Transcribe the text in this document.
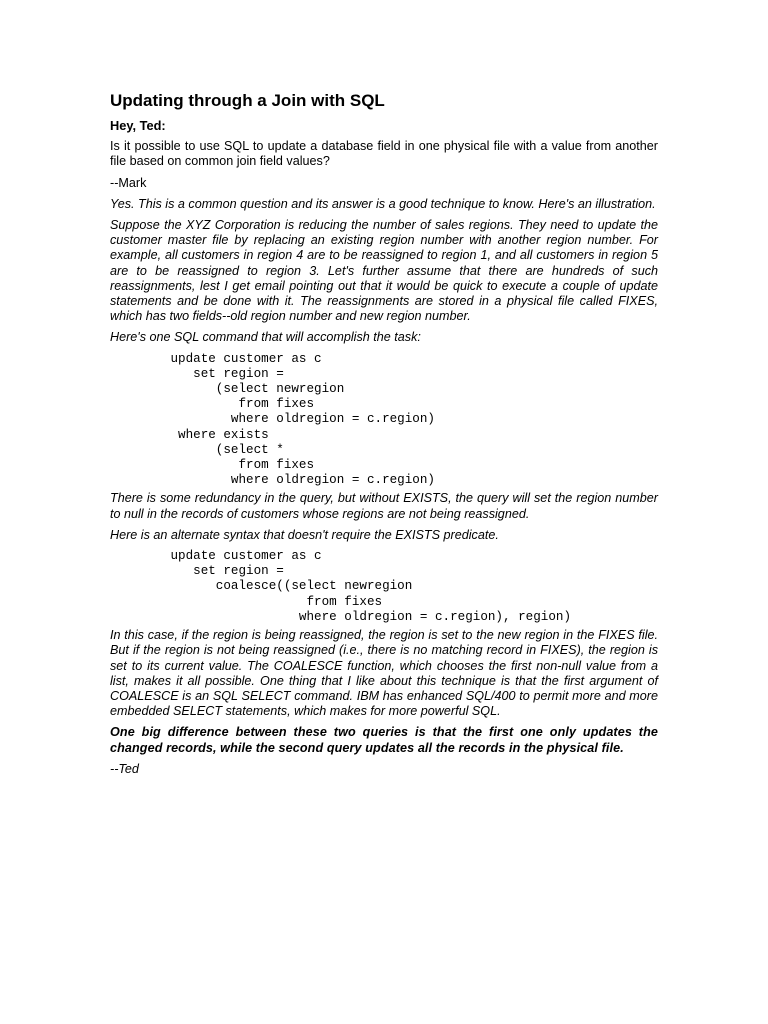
Updating through a Join with SQL
Hey, Ted:

Is it possible to use SQL to update a database field in one physical file with a value from another file based on common join field values?

--Mark

Yes. This is a common question and its answer is a good technique to know. Here's an illustration.

Suppose the XYZ Corporation is reducing the number of sales regions. They need to update the customer master file by replacing an existing region number with another region number. For example, all customers in region 4 are to be reassigned to region 1, and all customers in region 5 are to be reassigned to region 3. Let's further assume that there are hundreds of such reassignments, lest I get email pointing out that it would be quick to execute a couple of update statements and be done with it. The reassignments are stored in a physical file called FIXES, which has two fields--old region number and new region number.

Here's one SQL command that will accomplish the task:

update customer as c
set region =
(select newregion
from fixes
where oldregion = c.region)
where exists
(select *
from fixes
where oldregion = c.region)

There is some redundancy in the query, but without EXISTS, the query will set the region number to null in the records of customers whose regions are not being reassigned.

Here is an alternate syntax that doesn't require the EXISTS predicate.

update customer as c
set region =
coalesce((select newregion
from fixes
where oldregion = c.region), region)

In this case, if the region is being reassigned, the region is set to the new region in the FIXES file. But if the region is not being reassigned (i.e., there is no matching record in FIXES), the region is set to its current value. The COALESCE function, which chooses the first non-null value from a list, makes it all possible. One thing that I like about this technique is that the first argument of COALESCE is an SQL SELECT command. IBM has enhanced SQL/400 to permit more and more embedded SELECT statements, which makes for more powerful SQL.

One big difference between these two queries is that the first one only updates the changed records, while the second query updates all the records in the physical file.

--Ted
